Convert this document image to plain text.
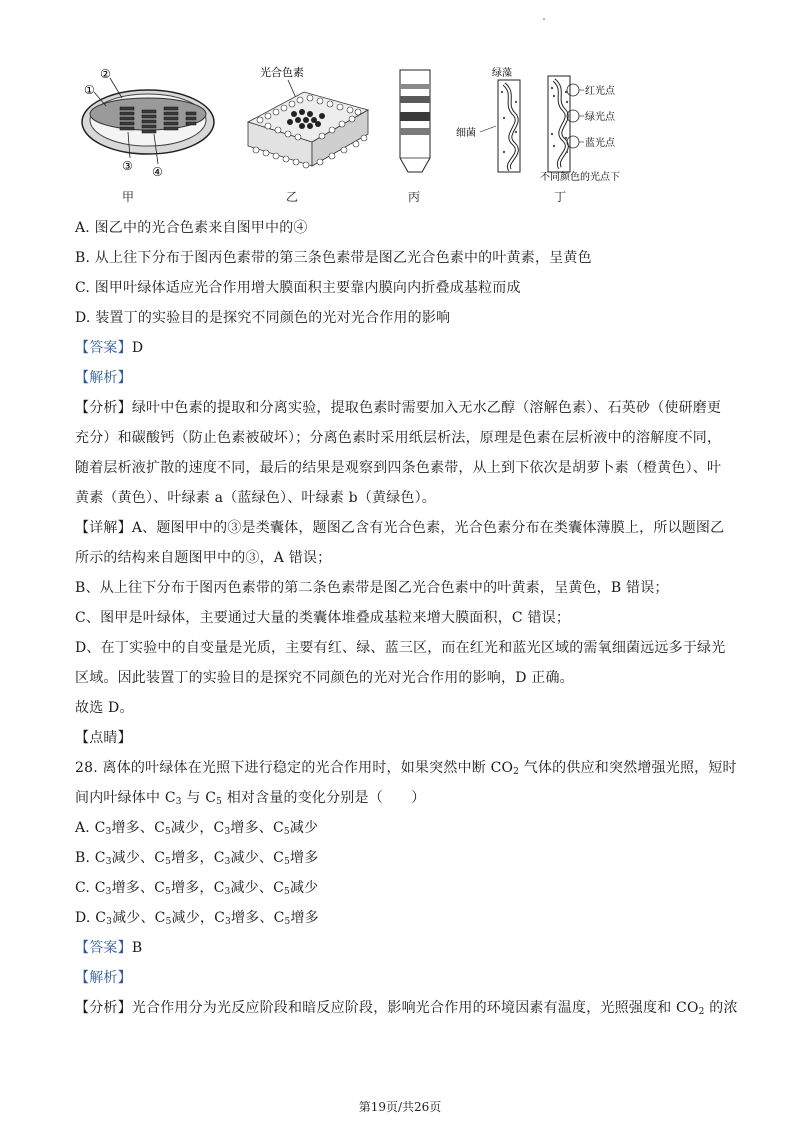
①
②
③ ④
甲
光合色素
乙	丙
绿藻
细菌
红光点
绿光点
蓝光点
不同颜色的光点下
丁
A. 图乙中的光合色素来自图甲中的④
B. 从上往下分布于图丙色素带的第三条色素带是图乙光合色素中的叶黄素，呈黄色
C. 图甲叶绿体适应光合作用增大膜面积主要靠内膜向内折叠成基粒而成
D. 装置丁的实验目的是探究不同颜色的光对光合作用的影响
【答案】D
【解析】
【分析】绿叶中色素的提取和分离实验，提取色素时需要加入无水乙醇（溶解色素）、石英砂（使研磨更
充分）和碳酸钙（防止色素被破坏）；分离色素时采用纸层析法，原理是色素在层析液中的溶解度不同，
随着层析液扩散的速度不同，最后的结果是观察到四条色素带，从上到下依次是胡萝卜素（橙黄色）、叶
黄素（黄色）、叶绿素 a（蓝绿色）、叶绿素 b（黄绿色）。
【详解】A、题图甲中的③是类囊体，题图乙含有光合色素，光合色素分布在类囊体薄膜上，所以题图乙
所示的结构来自题图甲中的③，A 错误；
B、从上往下分布于图丙色素带的第二条色素带是图乙光合色素中的叶黄素，呈黄色，B 错误；
C、图甲是叶绿体，主要通过大量的类囊体堆叠成基粒来增大膜面积，C 错误；
D、在丁实验中的自变量是光质，主要有红、绿、蓝三区，而在红光和蓝光区域的需氧细菌远远多于绿光
区域。因此装置丁的实验目的是探究不同颜色的光对光合作用的影响，D 正确。
故选 D。
【点睛】
28. 离体的叶绿体在光照下进行稳定的光合作用时，如果突然中断 $CO_2$ 气体的供应和突然增强光照，短时
间内叶绿体中 $C_3$ 与 $C_5$ 相对含量的变化分别是（　　）
A. $C_3$增多、$C_5$减少，$C_3$增多、$C_5$减少
B. $C_3$减少、$C_5$增多，$C_3$减少、$C_5$增多
C. $C_3$增多、$C_5$增多，$C_3$减少、$C_5$减少
D. $C_3$减少、$C_5$减少，$C_3$增多、$C_5$增多
【答案】B
【解析】
【分析】光合作用分为光反应阶段和暗反应阶段，影响光合作用的环境因素有温度，光照强度和 $CO_2$ 的浓
第19页/共26页
